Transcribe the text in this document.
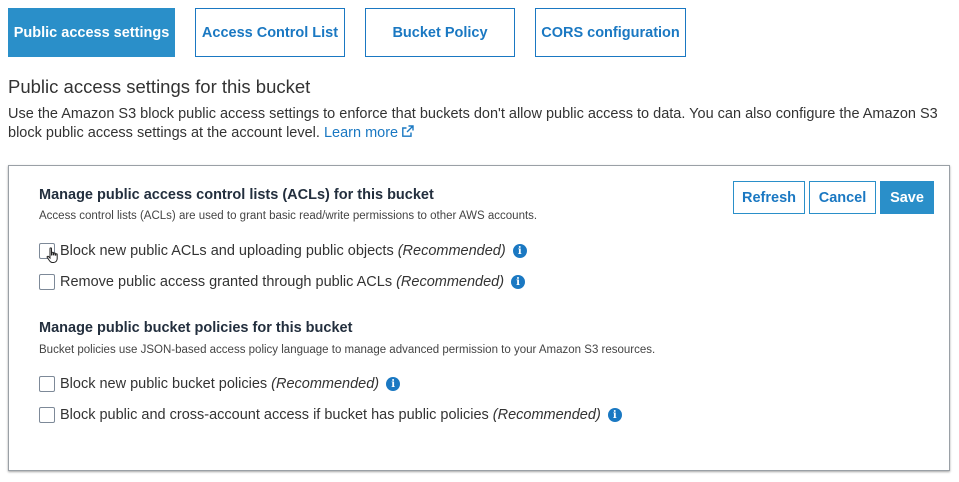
Public access settings	Access Control List	Bucket Policy	CORS configuration
Public access settings for this bucket

Use the Amazon S3 block public access settings to enforce that buckets don't allow public access to data. You can also configure the Amazon S3 block public access settings at the account level. Learn more

Refresh	Cancel	Save
Manage public access control lists (ACLs) for this bucket

Access control lists (ACLs) are used to grant basic read/write permissions to other AWS accounts.

Block new public ACLs and uploading public objects (Recommended)	i
Remove public access granted through public ACLs (Recommended)	i
Manage public bucket policies for this bucket

Bucket policies use JSON-based access policy language to manage advanced permission to your Amazon S3 resources.

Block new public bucket policies (Recommended)	i
Block public and cross-account access if bucket has public policies (Recommended)	i
